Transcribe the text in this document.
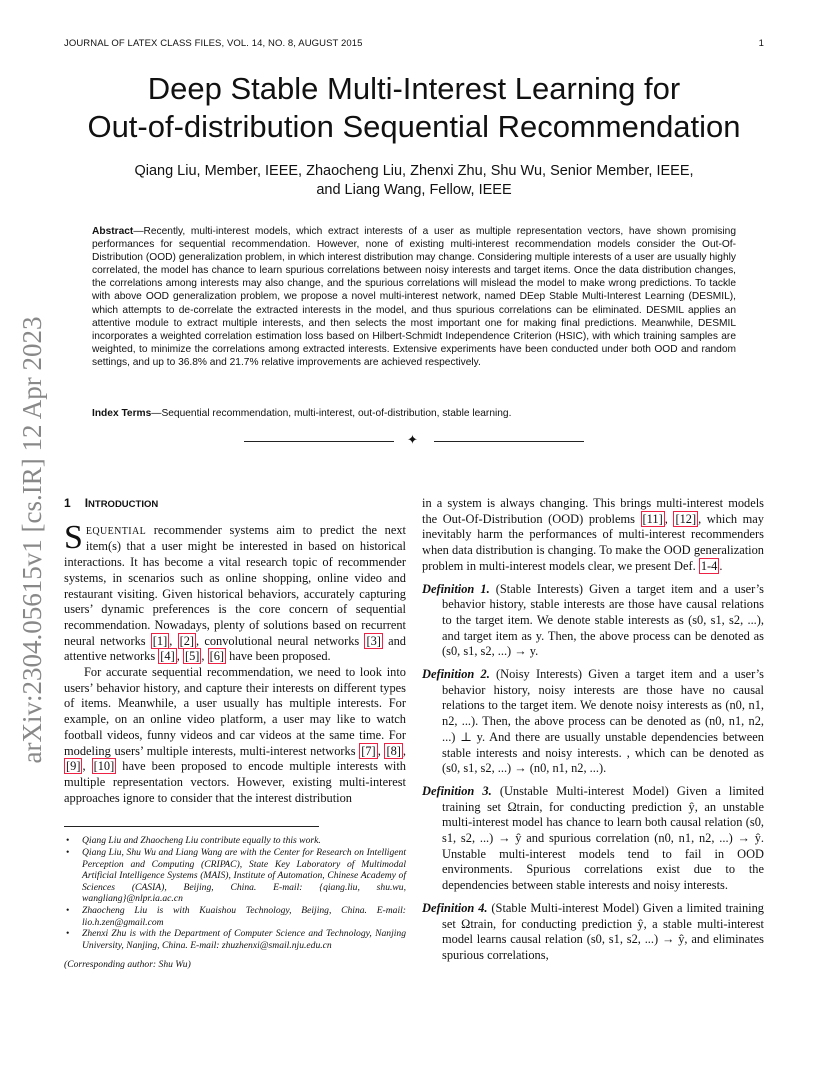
JOURNAL OF LATEX CLASS FILES, VOL. 14, NO. 8, AUGUST 2015	1
Deep Stable Multi-Interest Learning for
Out-of-distribution Sequential Recommendation
Qiang Liu, Member, IEEE, Zhaocheng Liu, Zhenxi Zhu, Shu Wu, Senior Member, IEEE,
and Liang Wang, Fellow, IEEE
Abstract—Recently, multi-interest models, which extract interests of a user as multiple representation vectors, have shown promising performances for sequential recommendation. However, none of existing multi-interest recommendation models consider the Out-Of-Distribution (OOD) generalization problem, in which interest distribution may change. Considering multiple interests of a user are usually highly correlated, the model has chance to learn spurious correlations between noisy interests and target items. Once the data distribution changes, the correlations among interests may also change, and the spurious correlations will mislead the model to make wrong predictions. To tackle with above OOD generalization problem, we propose a novel multi-interest network, named DEep Stable Multi-Interest Learning (DESMIL), which attempts to de-correlate the extracted interests in the model, and thus spurious correlations can be eliminated. DESMIL applies an attentive module to extract multiple interests, and then selects the most important one for making final predictions. Meanwhile, DESMIL incorporates a weighted correlation estimation loss based on Hilbert-Schmidt Independence Criterion (HSIC), with which training samples are weighted, to minimize the correlations among extracted interests. Extensive experiments have been conducted under both OOD and random settings, and up to 36.8% and 21.7% relative improvements are achieved respectively.
Index Terms—Sequential recommendation, multi-interest, out-of-distribution, stable learning.
✦
arXiv:2304.05615v1 [cs.IR] 12 Apr 2023	1 INTRODUCTION

SEQUENTIAL recommender systems aim to predict the next item(s) that a user might be interested in based on historical interactions. It has become a vital research topic of recommender systems, in scenarios such as online shopping, online video and restaurant visiting. Given historical behaviors, accurately capturing users’ dynamic preferences is the core concern of sequential recommendation. Nowadays, plenty of solutions based on recurrent neural networks [1] , [2] , convolutional neural networks [3] and attentive networks [4] , [5] , [6] have been proposed.

For accurate sequential recommendation, we need to look into users’ behavior history, and capture their interests on different types of items. Meanwhile, a user usually has multiple interests. For example, on an online video platform, a user may like to watch football videos, funny videos and car videos at the same time. For modeling users’ multiple interests, multi-interest networks [7] , [8] , [9] , [10] have been proposed to encode multiple interests with multiple representation vectors. However, existing multi-interest approaches ignore to consider that the interest distribution

• Qiang Liu and Zhaocheng Liu contribute equally to this work.

• Qiang Liu, Shu Wu and Liang Wang are with the Center for Research on Intelligent Perception and Computing (CRIPAC), State Key Laboratory of Multimodal Artificial Intelligence Systems (MAIS), Institute of Automation, Chinese Academy of Sciences (CASIA), Beijing, China. E-mail: {qiang.liu, shu.wu, wangliang}@nlpr.ia.ac.cn

• Zhaocheng Liu is with Kuaishou Technology, Beijing, China. E-mail: lio.h.zen@gmail.com

• Zhenxi Zhu is with the Department of Computer Science and Technology, Nanjing University, Nanjing, China. E-mail: zhuzhenxi@smail.nju.edu.cn

(Corresponding author: Shu Wu)

in a system is always changing. This brings multi-interest models the Out-Of-Distribution (OOD) problems [11] , [12] , which may inevitably harm the performances of multi-interest recommenders when data distribution is changing. To make the OOD generalization problem in multi-interest models clear, we present Def. 1-4 .

Definition 1. (Stable Interests) Given a target item and a user’s behavior history, stable interests are those have causal relations to the target item. We denote stable interests as (s0, s1, s2, ...), and target item as y. Then, the above process can be denoted as (s0, s1, s2, ...) → y.

Definition 2. (Noisy Interests) Given a target item and a user’s behavior history, noisy interests are those have no causal relations to the target item. We denote noisy interests as (n0, n1, n2, ...). Then, the above process can be denoted as (n0, n1, n2, ...) ⊥ y. And there are usually unstable dependencies between stable interests and noisy interests. , which can be denoted as (s0, s1, s2, ...) → (n0, n1, n2, ...).

Definition 3. (Unstable Multi-interest Model) Given a limited training set Ωtrain, for conducting prediction ŷ, an unstable multi-interest model has chance to learn both causal relation (s0, s1, s2, ...) → ŷ and spurious correlation (n0, n1, n2, ...) → ŷ. Unstable multi-interest models tend to fail in OOD environments. Spurious correlations exist due to the dependencies between stable interests and noisy interests.

Definition 4. (Stable Multi-interest Model) Given a limited training set Ωtrain, for conducting prediction ŷ, a stable multi-interest model learns causal relation (s0, s1, s2, ...) → ŷ, and eliminates spurious correlations,
